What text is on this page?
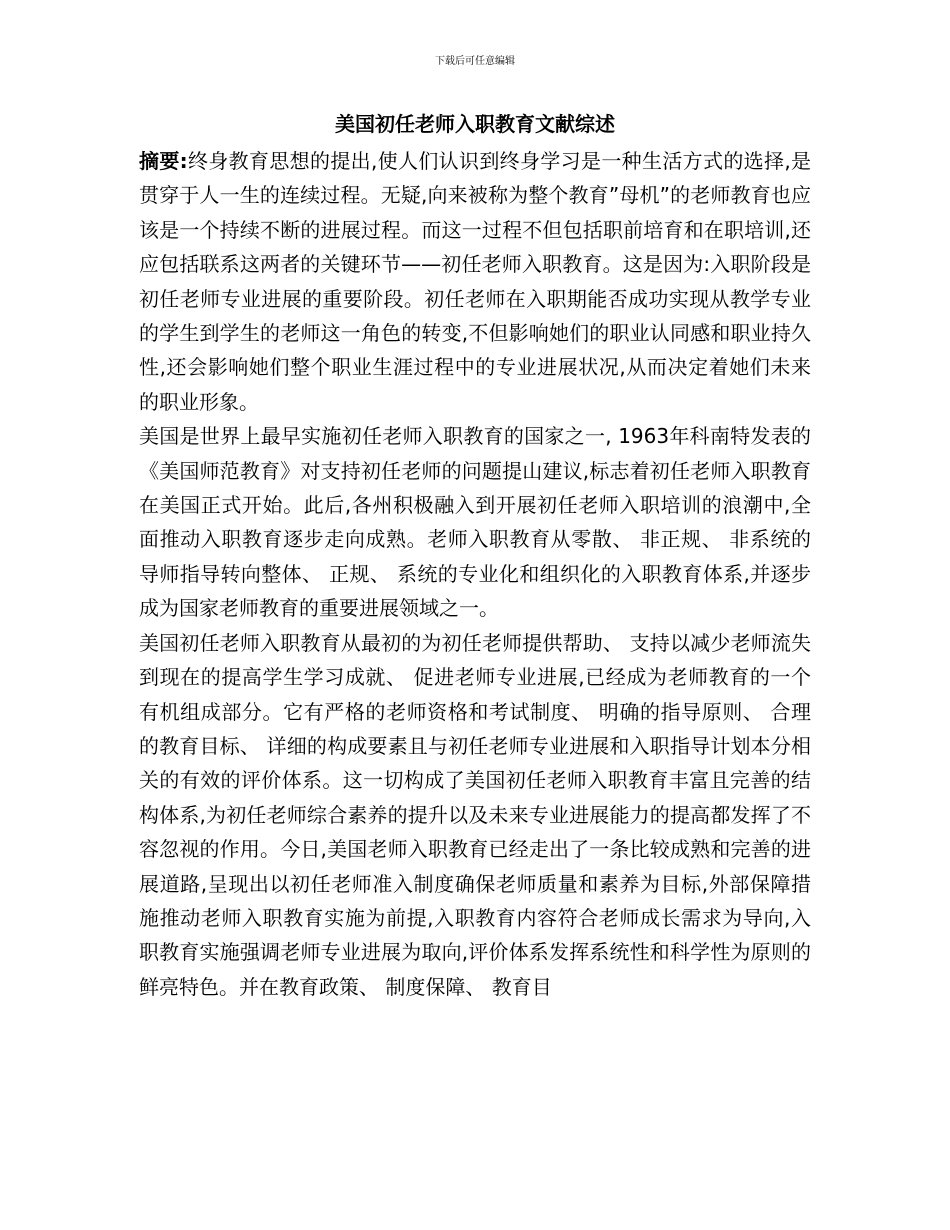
下载后可任意编辑
美国初任老师入职教育文献综述

摘要:终身教育思想的提出,使人们认识到终身学习是一种生活方式的选择,是贯穿于人一生的连续过程。无疑,向来被称为整个教育”母机”的老师教育也应该是一个持续不断的进展过程。而这一过程不但包括职前培育和在职培训,还应包括联系这两者的关键环节——初任老师入职教育。这是因为:入职阶段是初任老师专业进展的重要阶段。初任老师在入职期能否成功实现从教学专业的学生到学生的老师这一角色的转变,不但影响她们的职业认同感和职业持久性,还会影响她们整个职业生涯过程中的专业进展状况,从而决定着她们未来的职业形象。

美国是世界上最早实施初任老师入职教育的国家之一, 1963年科南特发表的《美国师范教育》对支持初任老师的问题提山建议,标志着初任老师入职教育在美国正式开始。此后,各州积极融入到开展初任老师入职培训的浪潮中,全面推动入职教育逐步走向成熟。老师入职教育从零散、 非正规、 非系统的导师指导转向整体、 正规、 系统的专业化和组织化的入职教育体系,并逐步成为国家老师教育的重要进展领域之一。

美国初任老师入职教育从最初的为初任老师提供帮助、 支持以减少老师流失到现在的提高学生学习成就、 促进老师专业进展,已经成为老师教育的一个有机组成部分。它有严格的老师资格和考试制度、 明确的指导原则、 合理的教育目标、 详细的构成要素且与初任老师专业进展和入职指导计划本分相关的有效的评价体系。这一切构成了美国初任老师入职教育丰富且完善的结构体系,为初任老师综合素养的提升以及未来专业进展能力的提高都发挥了不容忽视的作用。今日,美国老师入职教育已经走出了一条比较成熟和完善的进展道路,呈现出以初任老师准入制度确保老师质量和素养为目标,外部保障措施推动老师入职教育实施为前提,入职教育内容符合老师成长需求为导向,入职教育实施强调老师专业进展为取向,评价体系发挥系统性和科学性为原则的鲜亮特色。并在教育政策、 制度保障、 教育目
